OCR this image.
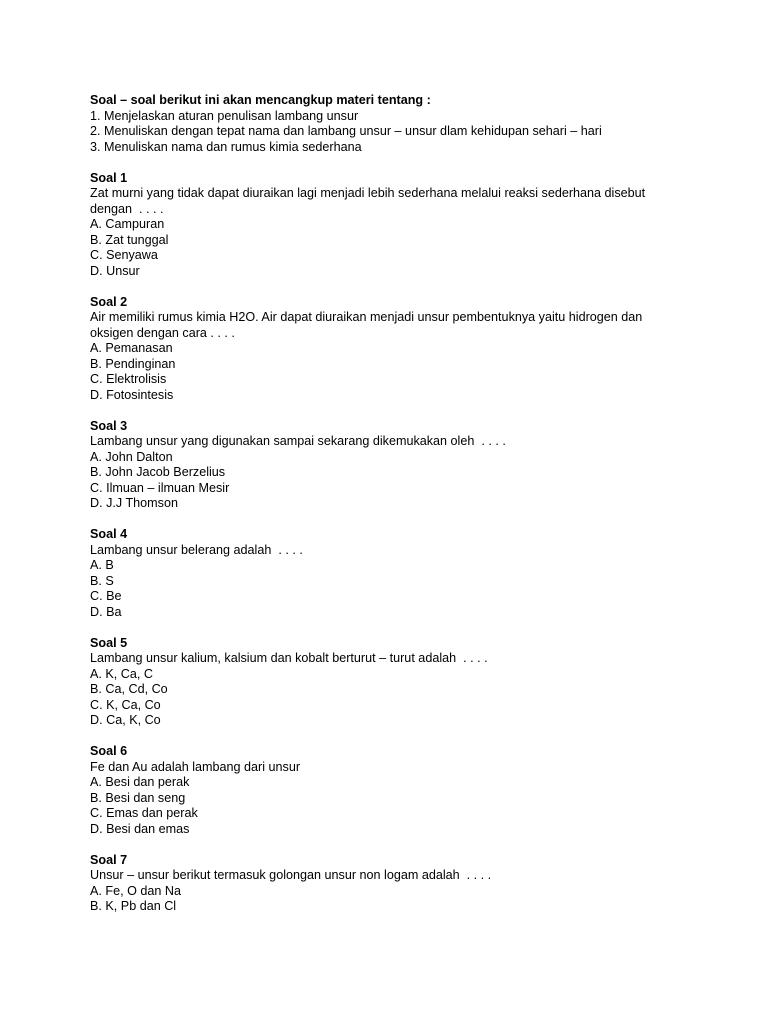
Soal – soal berikut ini akan mencangkup materi tentang :
1. Menjelaskan aturan penulisan lambang unsur
2. Menuliskan dengan tepat nama dan lambang unsur – unsur dlam kehidupan sehari – hari
3. Menuliskan nama dan rumus kimia sederhana
Soal 1
Zat murni yang tidak dapat diuraikan lagi menjadi lebih sederhana melalui reaksi sederhana disebut
dengan  . . . .
A. Campuran
B. Zat tunggal
C. Senyawa
D. Unsur
Soal 2
Air memiliki rumus kimia H2O. Air dapat diuraikan menjadi unsur pembentuknya yaitu hidrogen dan
oksigen dengan cara . . . .
A. Pemanasan
B. Pendinginan
C. Elektrolisis
D. Fotosintesis
Soal 3
Lambang unsur yang digunakan sampai sekarang dikemukakan oleh  . . . .
A. John Dalton
B. John Jacob Berzelius
C. Ilmuan – ilmuan Mesir
D. J.J Thomson
Soal 4
Lambang unsur belerang adalah  . . . .
A. B
B. S
C. Be
D. Ba
Soal 5
Lambang unsur kalium, kalsium dan kobalt berturut – turut adalah  . . . .
A. K, Ca, C
B. Ca, Cd, Co
C. K, Ca, Co
D. Ca, K, Co
Soal 6
Fe dan Au adalah lambang dari unsur
A. Besi dan perak
B. Besi dan seng
C. Emas dan perak
D. Besi dan emas
Soal 7
Unsur – unsur berikut termasuk golongan unsur non logam adalah  . . . .
A. Fe, O dan Na
B. K, Pb dan Cl
